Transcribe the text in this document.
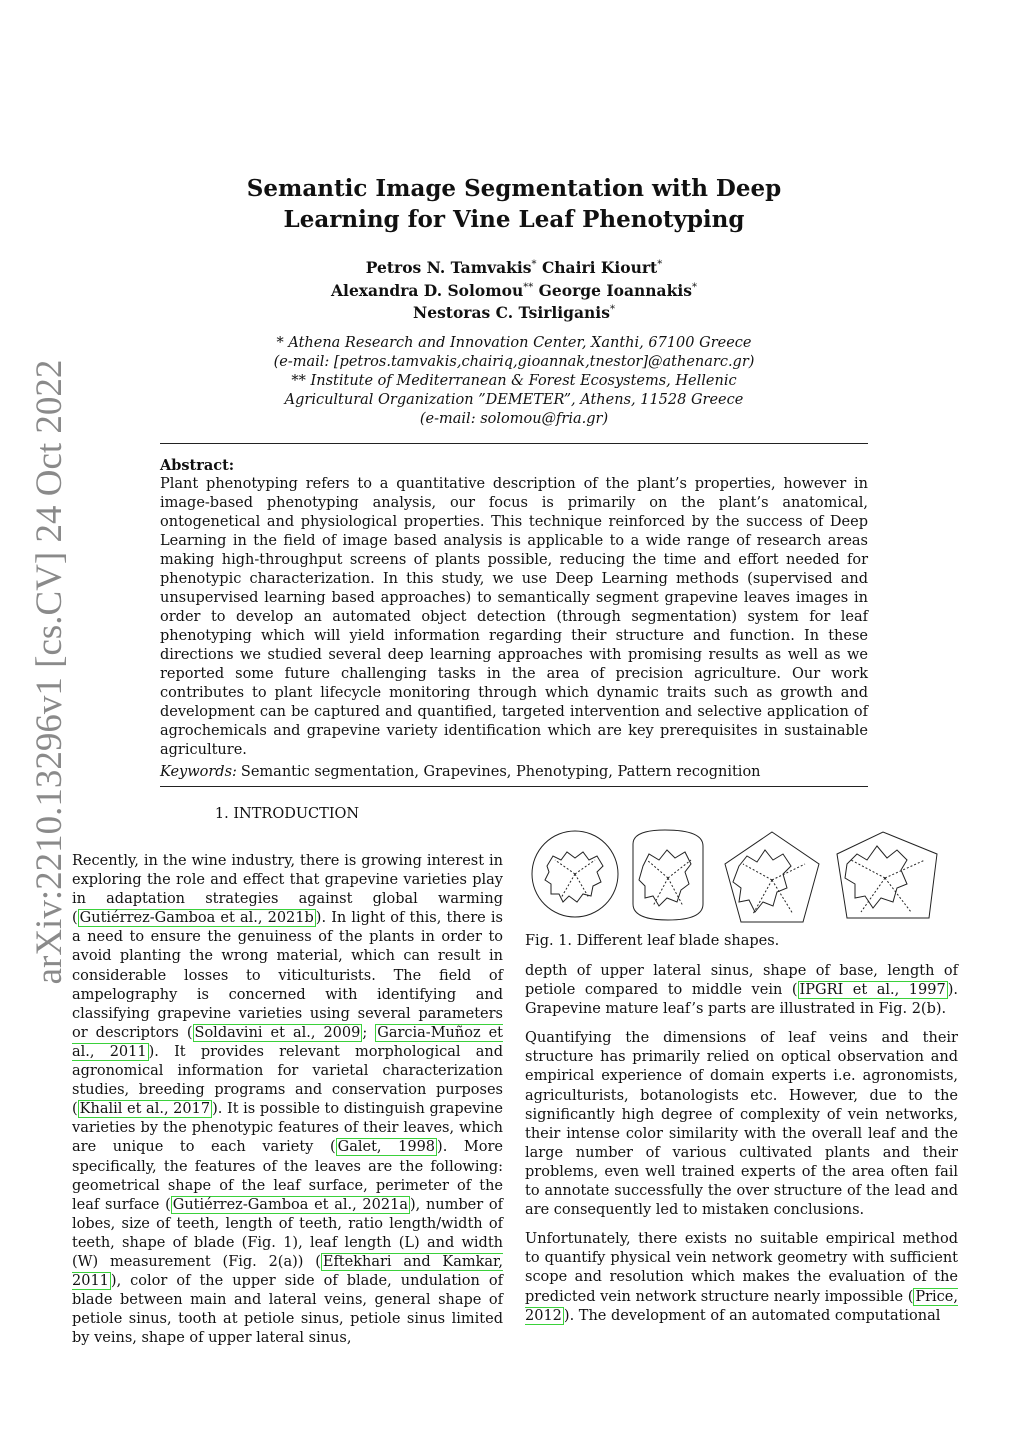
arXiv:2210.13296v1 [cs.CV] 24 Oct 2022
Semantic Image Segmentation with Deep
Learning for Vine Leaf Phenotyping
Petros N. Tamvakis* Chairi Kiourt*
Alexandra D. Solomou** George Ioannakis*
Nestoras C. Tsirliganis*
* Athena Research and Innovation Center, Xanthi, 67100 Greece
(e-mail: [petros.tamvakis,chairiq,gioannak,tnestor]@athenarc.gr)
** Institute of Mediterranean & Forest Ecosystems, Hellenic
Agricultural Organization ”DEMETER”, Athens, 11528 Greece
(e-mail: solomou@fria.gr)
Abstract:
Plant phenotyping refers to a quantitative description of the plant’s properties, however in image-based phenotyping analysis, our focus is primarily on the plant’s anatomical, ontogenetical and physiological properties. This technique reinforced by the success of Deep Learning in the field of image based analysis is applicable to a wide range of research areas making high-throughput screens of plants possible, reducing the time and effort needed for phenotypic characterization. In this study, we use Deep Learning methods (supervised and unsupervised learning based approaches) to semantically segment grapevine leaves images in order to develop an automated object detection (through segmentation) system for leaf phenotyping which will yield information regarding their structure and function. In these directions we studied several deep learning approaches with promising results as well as we reported some future challenging tasks in the area of precision agriculture. Our work contributes to plant lifecycle monitoring through which dynamic traits such as growth and development can be captured and quantified, targeted intervention and selective application of agrochemicals and grapevine variety identification which are key prerequisites in sustainable agriculture.
Keywords: Semantic segmentation, Grapevines, Phenotyping, Pattern recognition
1. INTRODUCTION

Recently, in the wine industry, there is growing interest in exploring the role and effect that grapevine varieties play in adaptation strategies against global warming ( Gutiérrez-Gamboa et al., 2021b ). In light of this, there is a need to ensure the genuiness of the plants in order to avoid planting the wrong material, which can result in considerable losses to viticulturists. The field of ampelography is concerned with identifying and classifying grapevine varieties using several parameters or descriptors ( Soldavini et al., 2009 ; Garcia-Muñoz et al., 2011 ). It provides relevant morphological and agronomical information for varietal characterization studies, breeding programs and conservation purposes ( Khalil et al., 2017 ). It is possible to distinguish grapevine varieties by the phenotypic features of their leaves, which are unique to each variety ( Galet, 1998 ). More specifically, the features of the leaves are the following: geometrical shape of the leaf surface, perimeter of the leaf surface ( Gutiérrez-Gamboa et al., 2021a ), number of lobes, size of teeth, length of teeth, ratio length/width of teeth, shape of blade (Fig. 1), leaf length (L) and width (W) measurement (Fig. 2(a)) ( Eftekhari and Kamkar, 2011 ), color of the upper side of blade, undulation of blade between main and lateral veins, general shape of petiole sinus, tooth at petiole sinus, petiole sinus limited by veins, shape of upper lateral sinus,

Fig. 1. Different leaf blade shapes.

depth of upper lateral sinus, shape of base, length of petiole compared to middle vein ( IPGRI et al., 1997 ). Grapevine mature leaf’s parts are illustrated in Fig. 2(b).

Quantifying the dimensions of leaf veins and their structure has primarily relied on optical observation and empirical experience of domain experts i.e. agronomists, agriculturists, botanologists etc. However, due to the significantly high degree of complexity of vein networks, their intense color similarity with the overall leaf and the large number of various cultivated plants and their problems, even well trained experts of the area often fail to annotate successfully the over structure of the lead and are consequently led to mistaken conclusions.

Unfortunately, there exists no suitable empirical method to quantify physical vein network geometry with sufficient scope and resolution which makes the evaluation of the predicted vein network structure nearly impossible ( Price, 2012 ). The development of an automated computational
